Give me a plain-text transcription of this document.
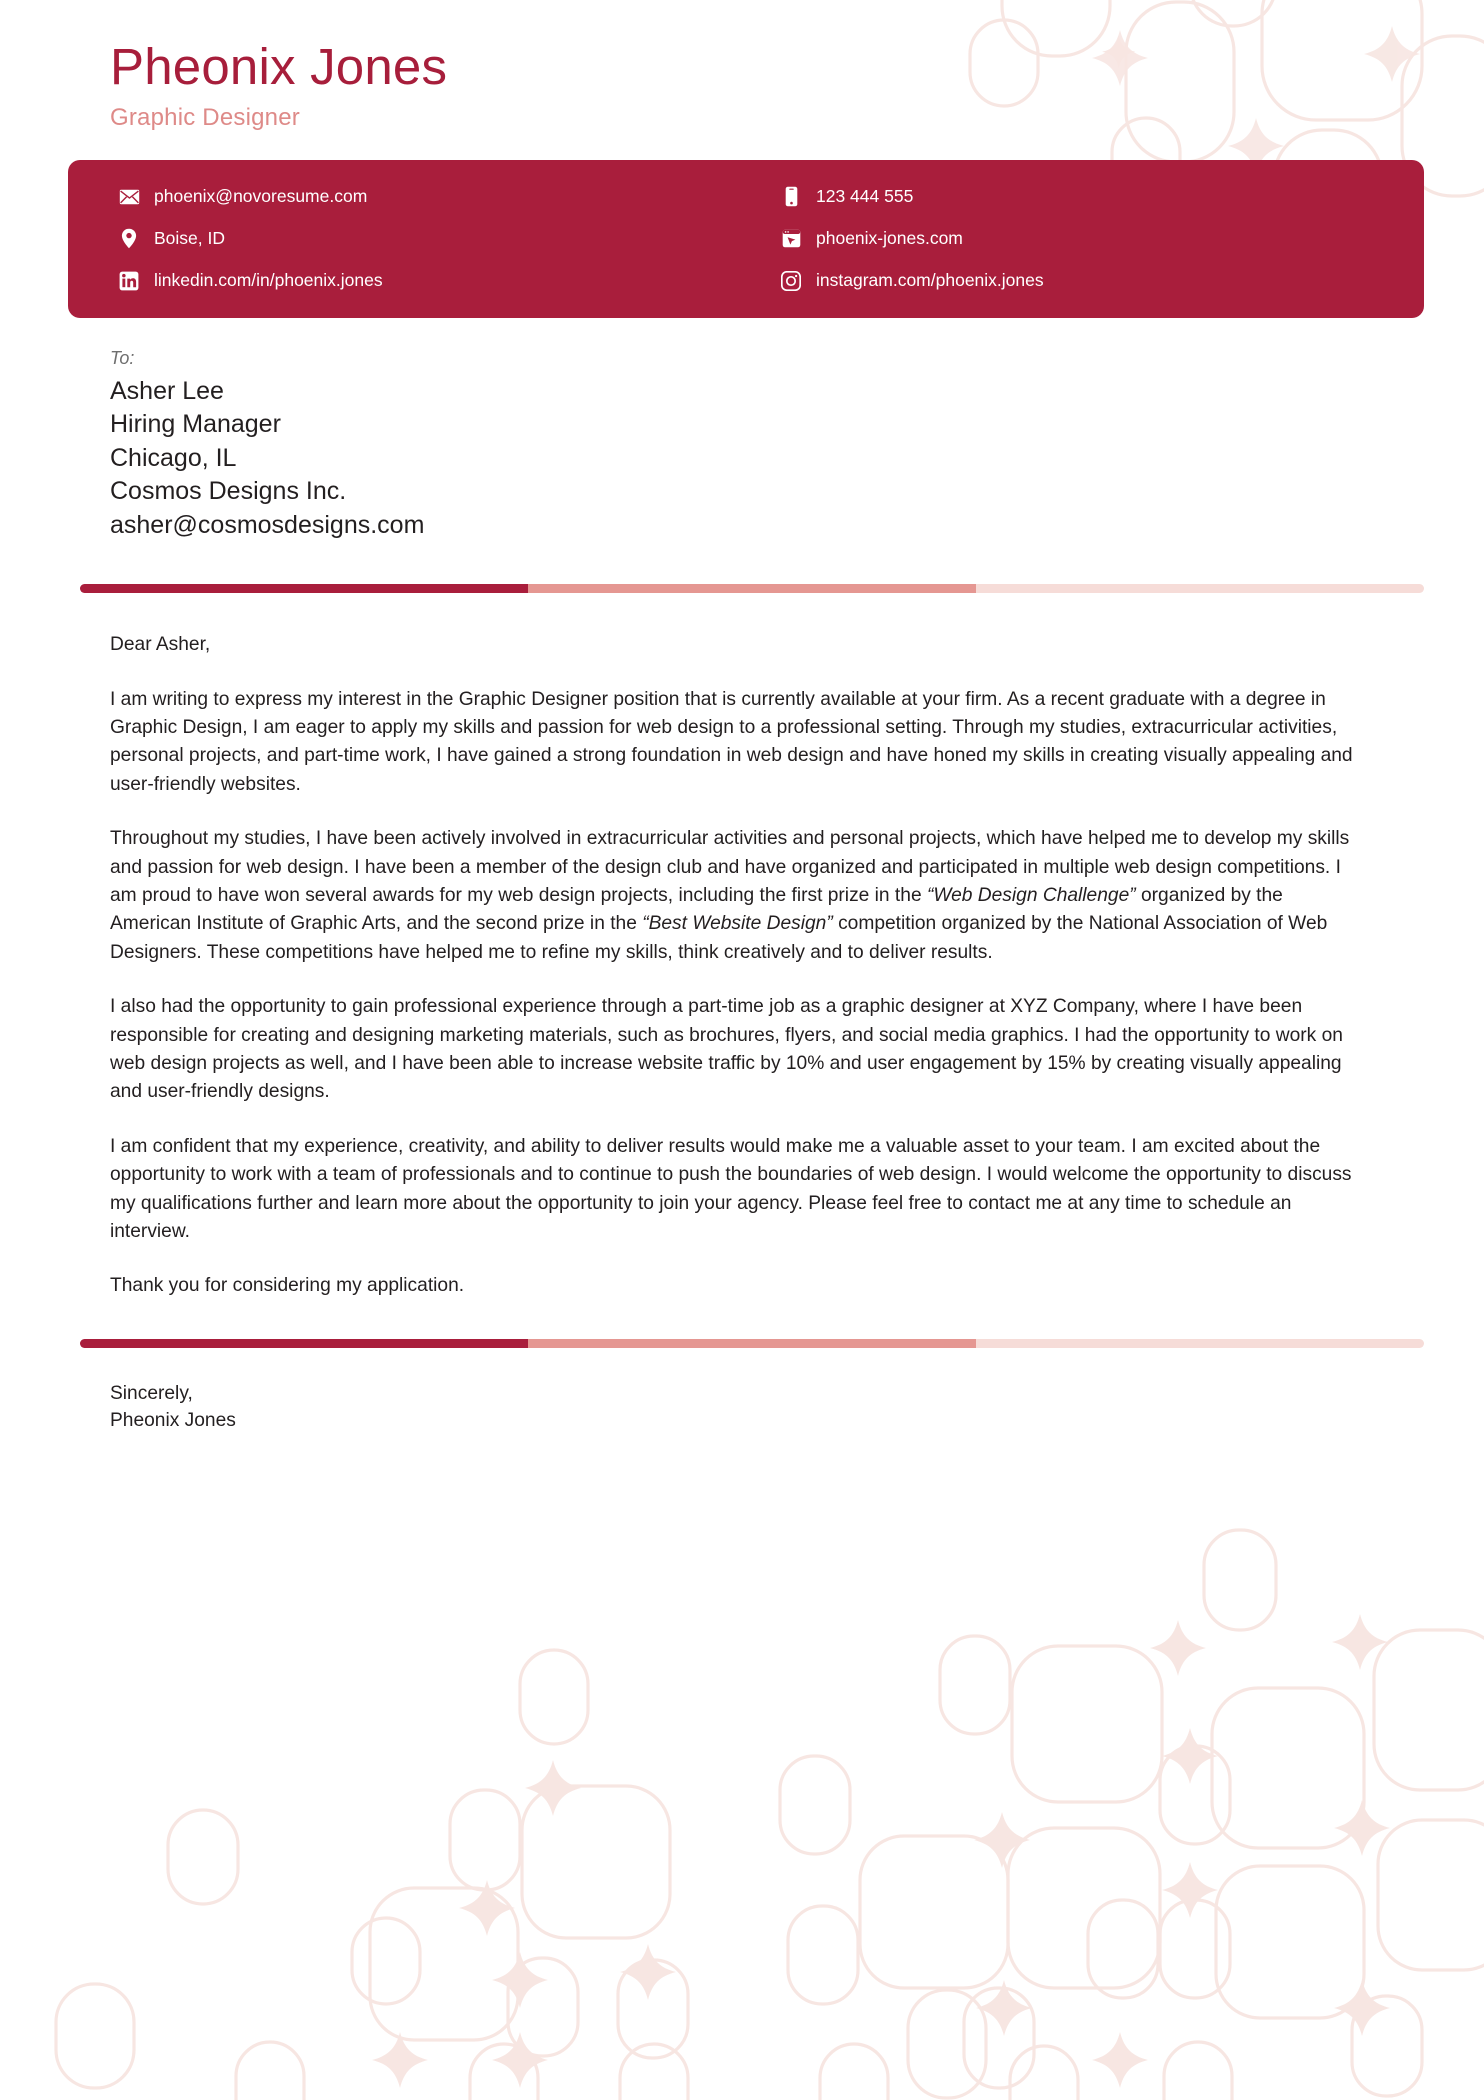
Pheonix Jones
Graphic Designer
phoenix@novoresume.com	123 444 555
Boise, ID	phoenix-jones.com
linkedin.com/in/phoenix.jones	instagram.com/phoenix.jones
To:
Asher Lee
Hiring Manager
Chicago, IL
Cosmos Designs Inc.
asher@cosmosdesigns.com

Dear Asher,

I am writing to express my interest in the Graphic Designer position that is currently available at your firm. As a recent graduate with a degree in Graphic Design, I am eager to apply my skills and passion for web design to a professional setting. Through my studies, extracurricular activities, personal projects, and part-time work, I have gained a strong foundation in web design and have honed my skills in creating visually appealing and user-friendly websites.

Throughout my studies, I have been actively involved in extracurricular activities and personal projects, which have helped me to develop my skills and passion for web design. I have been a member of the design club and have organized and participated in multiple web design competitions. I am proud to have won several awards for my web design projects, including the first prize in the “Web Design Challenge” organized by the American Institute of Graphic Arts, and the second prize in the “Best Website Design” competition organized by the National Association of Web Designers. These competitions have helped me to refine my skills, think creatively and to deliver results.

I also had the opportunity to gain professional experience through a part-time job as a graphic designer at XYZ Company, where I have been responsible for creating and designing marketing materials, such as brochures, flyers, and social media graphics. I had the opportunity to work on web design projects as well, and I have been able to increase website traffic by 10% and user engagement by 15% by creating visually appealing and user-friendly designs.

I am confident that my experience, creativity, and ability to deliver results would make me a valuable asset to your team. I am excited about the opportunity to work with a team of professionals and to continue to push the boundaries of web design. I would welcome the opportunity to discuss my qualifications further and learn more about the opportunity to join your agency. Please feel free to contact me at any time to schedule an interview.

Thank you for considering my application.

Sincerely,
Pheonix Jones
